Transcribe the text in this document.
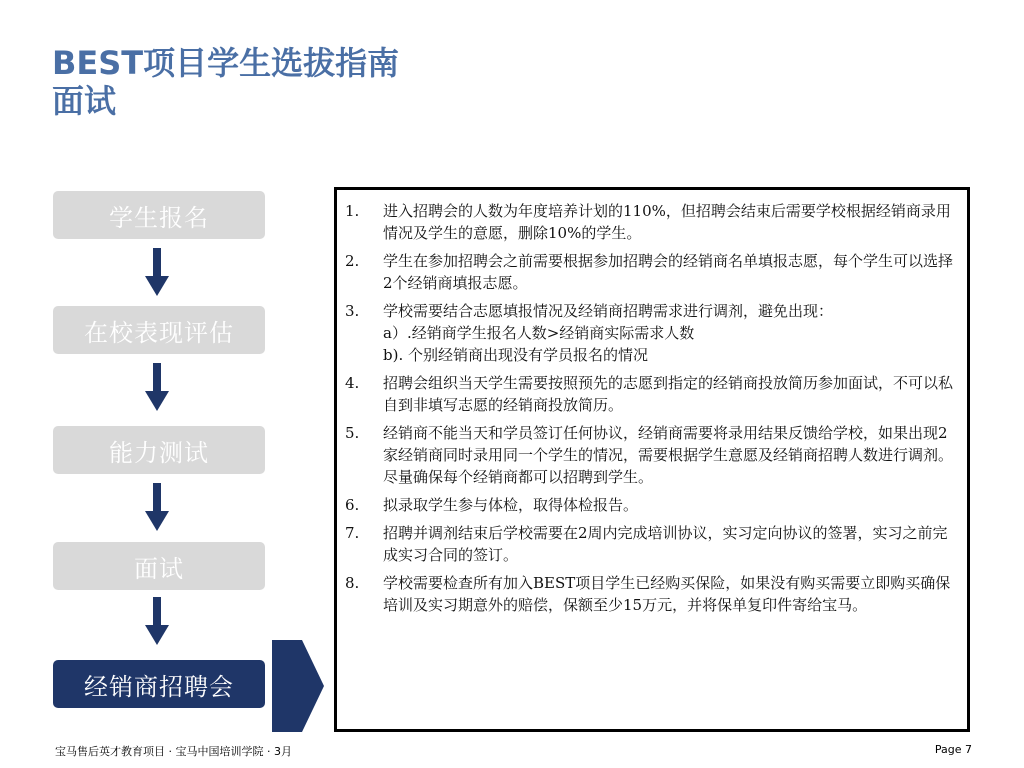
BEST项目学生选拔指南
面试
学生报名
在校表现评估
能力测试
面试
经销商招聘会
1.	进入招聘会的人数为年度培养计划的110%，但招聘会结束后需要学校根据经销商录用情况及学生的意愿，删除10%的学生。
2.	学生在参加招聘会之前需要根据参加招聘会的经销商名单填报志愿，每个学生可以选择2个经销商填报志愿。
3.	学校需要结合志愿填报情况及经销商招聘需求进行调剂，避免出现：
a）.经销商学生报名人数>经销商实际需求人数
b). 个别经销商出现没有学员报名的情况
4.	招聘会组织当天学生需要按照预先的志愿到指定的经销商投放简历参加面试，不可以私自到非填写志愿的经销商投放简历。
5.	经销商不能当天和学员签订任何协议，经销商需要将录用结果反馈给学校，如果出现2家经销商同时录用同一个学生的情况，需要根据学生意愿及经销商招聘人数进行调剂。尽量确保每个经销商都可以招聘到学生。
6.	拟录取学生参与体检，取得体检报告。
7.	招聘并调剂结束后学校需要在2周内完成培训协议，实习定向协议的签署，实习之前完成实习合同的签订。
8.	学校需要检查所有加入BEST项目学生已经购买保险，如果没有购买需要立即购买确保培训及实习期意外的赔偿，保额至少15万元，并将保单复印件寄给宝马。
宝马售后英才教育项目 · 宝马中国培训学院 · 3月	Page 7
